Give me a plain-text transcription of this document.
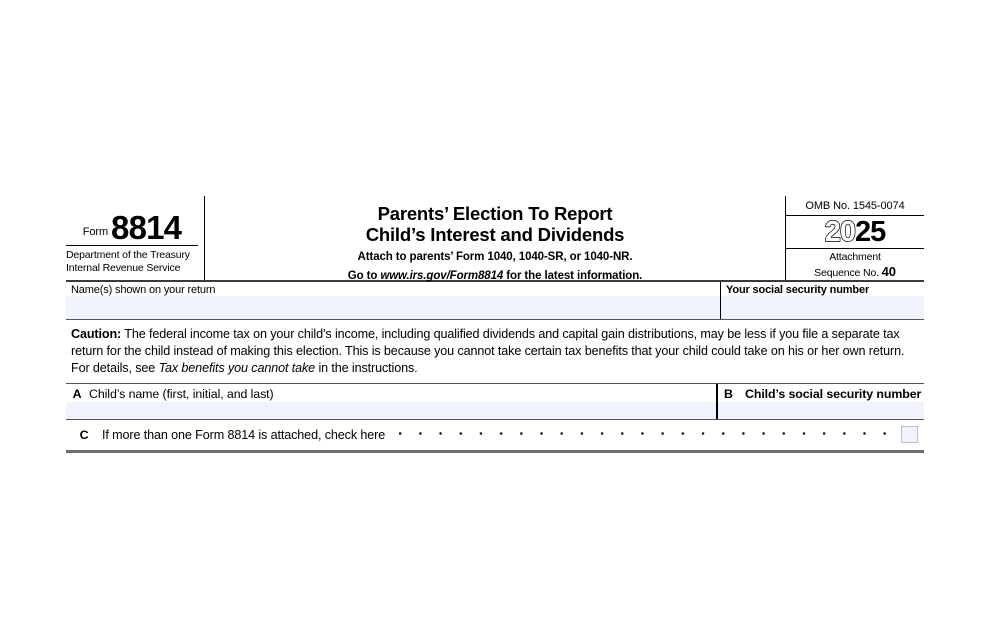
Form 8814
Department of the Treasury
Internal Revenue Service
Parents’ Election To Report
Child’s Interest and Dividends
Attach to parents’ Form 1040, 1040-SR, or 1040-NR.
Go to www.irs.gov/Form8814 for the latest information.
OMB No. 1545-0074
20 25
Attachment
Sequence No. 40
Name(s) shown on your return	Your social security number
Caution: The federal income tax on your child’s income, including qualified dividends and capital gain distributions, may be less if you file a separate tax return for the child instead of making this election. This is because you cannot take certain tax benefits that your child could take on his or her own return. For details, see Tax benefits you cannot take in the instructions.
A Child’s name (first, initial, and last)	B Child’s social security number
C	If more than one Form 8814 is attached, check here
